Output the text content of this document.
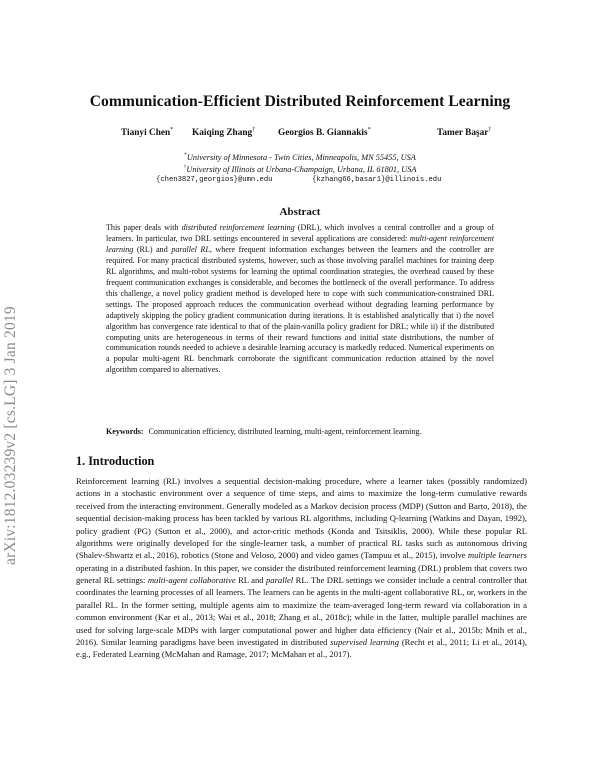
arXiv:1812.03239v2 [cs.LG] 3 Jan 2019
Communication-Efficient Distributed Reinforcement Learning
Tianyi Chen* Kaiqing Zhang† Georgios B. Giannakis*	Tamer Başar†
*University of Minnesota - Twin Cities, Minneapolis, MN 55455, USA
†University of Illinois at Urbana-Champaign, Urbana, IL 61801, USA
{chen3827,georgios}@umn.edu	{kzhang66,basar1}@illinois.edu
Abstract

This paper deals with distributed reinforcement learning (DRL), which involves a central controller and a group of learners. In particular, two DRL settings encountered in several applications are considered: multi-agent reinforcement learning (RL) and parallel RL, where frequent information exchanges between the learners and the controller are required. For many practical distributed systems, however, such as those involving parallel machines for training deep RL algorithms, and multi-robot systems for learning the optimal coordination strategies, the overhead caused by these frequent communication exchanges is considerable, and becomes the bottleneck of the overall performance. To address this challenge, a novel policy gradient method is developed here to cope with such communication-constrained DRL settings. The proposed approach reduces the communication overhead without degrading learning performance by adaptively skipping the policy gradient communication during iterations. It is established analytically that i) the novel algorithm has convergence rate identical to that of the plain-vanilla policy gradient for DRL; while ii) if the distributed computing units are heterogeneous in terms of their reward functions and initial state distributions, the number of communication rounds needed to achieve a desirable learning accuracy is markedly reduced. Numerical experiments on a popular multi-agent RL benchmark corroborate the significant communication reduction attained by the novel algorithm compared to alternatives.

Keywords: Communication efficiency, distributed learning, multi-agent, reinforcement learning.

1. Introduction

Reinforcement learning (RL) involves a sequential decision-making procedure, where a learner takes (possibly randomized) actions in a stochastic environment over a sequence of time steps, and aims to maximize the long-term cumulative rewards received from the interacting environment. Generally modeled as a Markov decision process (MDP) (Sutton and Barto, 2018), the sequential decision-making process has been tackled by various RL algorithms, including Q-learning (Watkins and Dayan, 1992), policy gradient (PG) (Sutton et al., 2000), and actor-critic methods (Konda and Tsitsiklis, 2000). While these popular RL algorithms were originally developed for the single-learner task, a number of practical RL tasks such as autonomous driving (Shalev-Shwartz et al., 2016), robotics (Stone and Veloso, 2000) and video games (Tampuu et al., 2015), involve multiple learners operating in a distributed fashion. In this paper, we consider the distributed reinforcement learning (DRL) problem that covers two general RL settings: multi-agent collaborative RL and parallel RL. The DRL settings we consider include a central controller that coordinates the learning processes of all learners. The learners can be agents in the multi-agent collaborative RL, or, workers in the parallel RL. In the former setting, multiple agents aim to maximize the team-averaged long-term reward via collaboration in a common environment (Kar et al., 2013; Wai et al., 2018; Zhang et al., 2018c); while in the latter, multiple parallel machines are used for solving large-scale MDPs with larger computational power and higher data efficiency (Nair et al., 2015b; Mnih et al., 2016). Similar learning paradigms have been investigated in distributed supervised learning (Recht et al., 2011; Li et al., 2014), e.g., Federated Learning (McMahan and Ramage, 2017; McMahan et al., 2017).
